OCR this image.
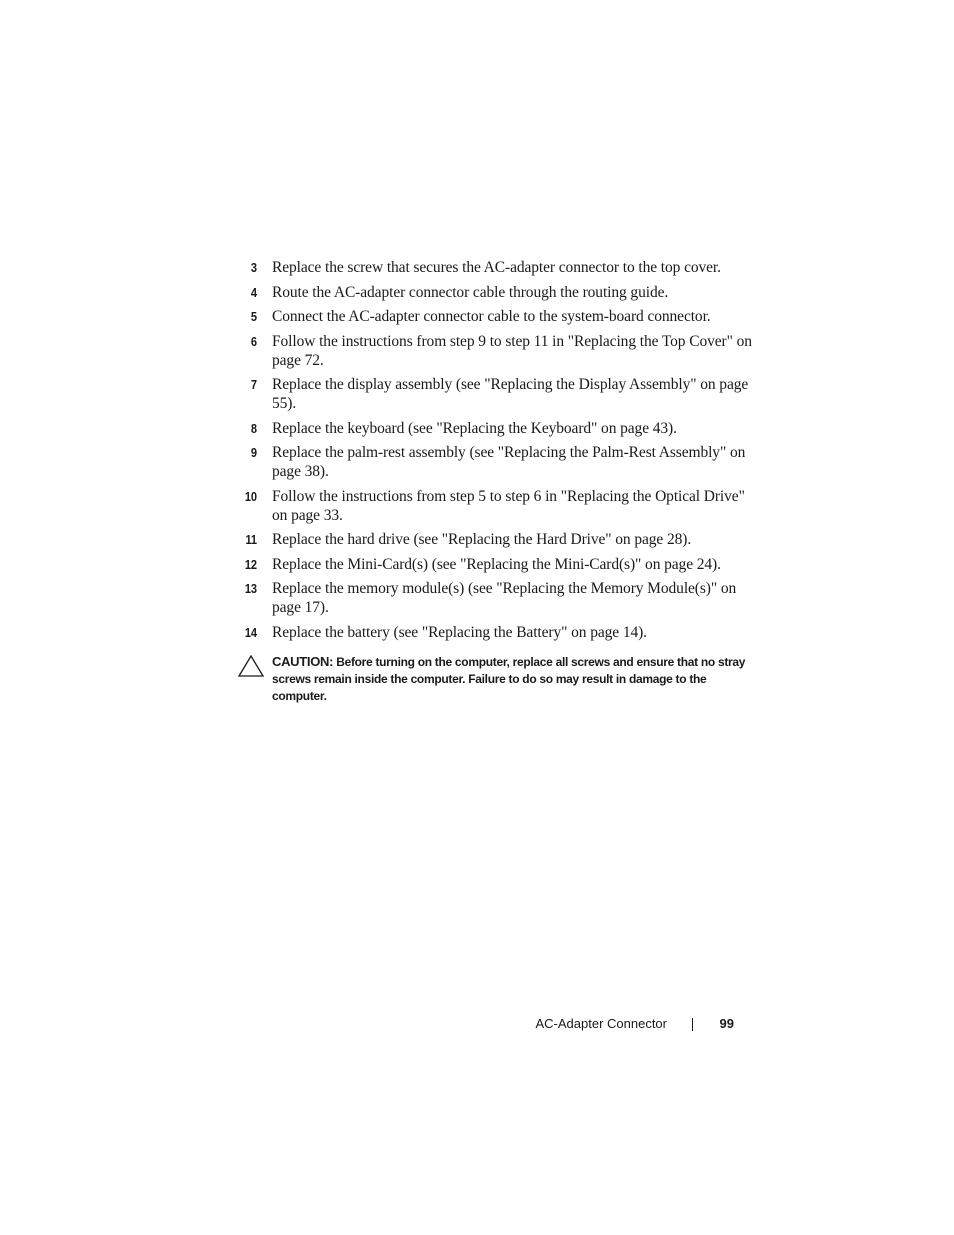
3 Replace the screw that secures the AC-adapter connector to the top cover.
4 Route the AC-adapter connector cable through the routing guide.
5 Connect the AC-adapter connector cable to the system-board connector.
6 Follow the instructions from step 9 to step 11 in "Replacing the Top Cover" on page 72.
7 Replace the display assembly (see "Replacing the Display Assembly" on page 55).
8 Replace the keyboard (see "Replacing the Keyboard" on page 43).
9 Replace the palm-rest assembly (see "Replacing the Palm-Rest Assembly" on page 38).
10 Follow the instructions from step 5 to step 6 in "Replacing the Optical Drive" on page 33.
11 Replace the hard drive (see "Replacing the Hard Drive" on page 28).
12 Replace the Mini-Card(s) (see "Replacing the Mini-Card(s)" on page 24).
13 Replace the memory module(s) (see "Replacing the Memory Module(s)" on page 17).
14 Replace the battery (see "Replacing the Battery" on page 14).
CAUTION: Before turning on the computer, replace all screws and ensure that no stray screws remain inside the computer. Failure to do so may result in damage to the computer.
AC-Adapter Connector	99
